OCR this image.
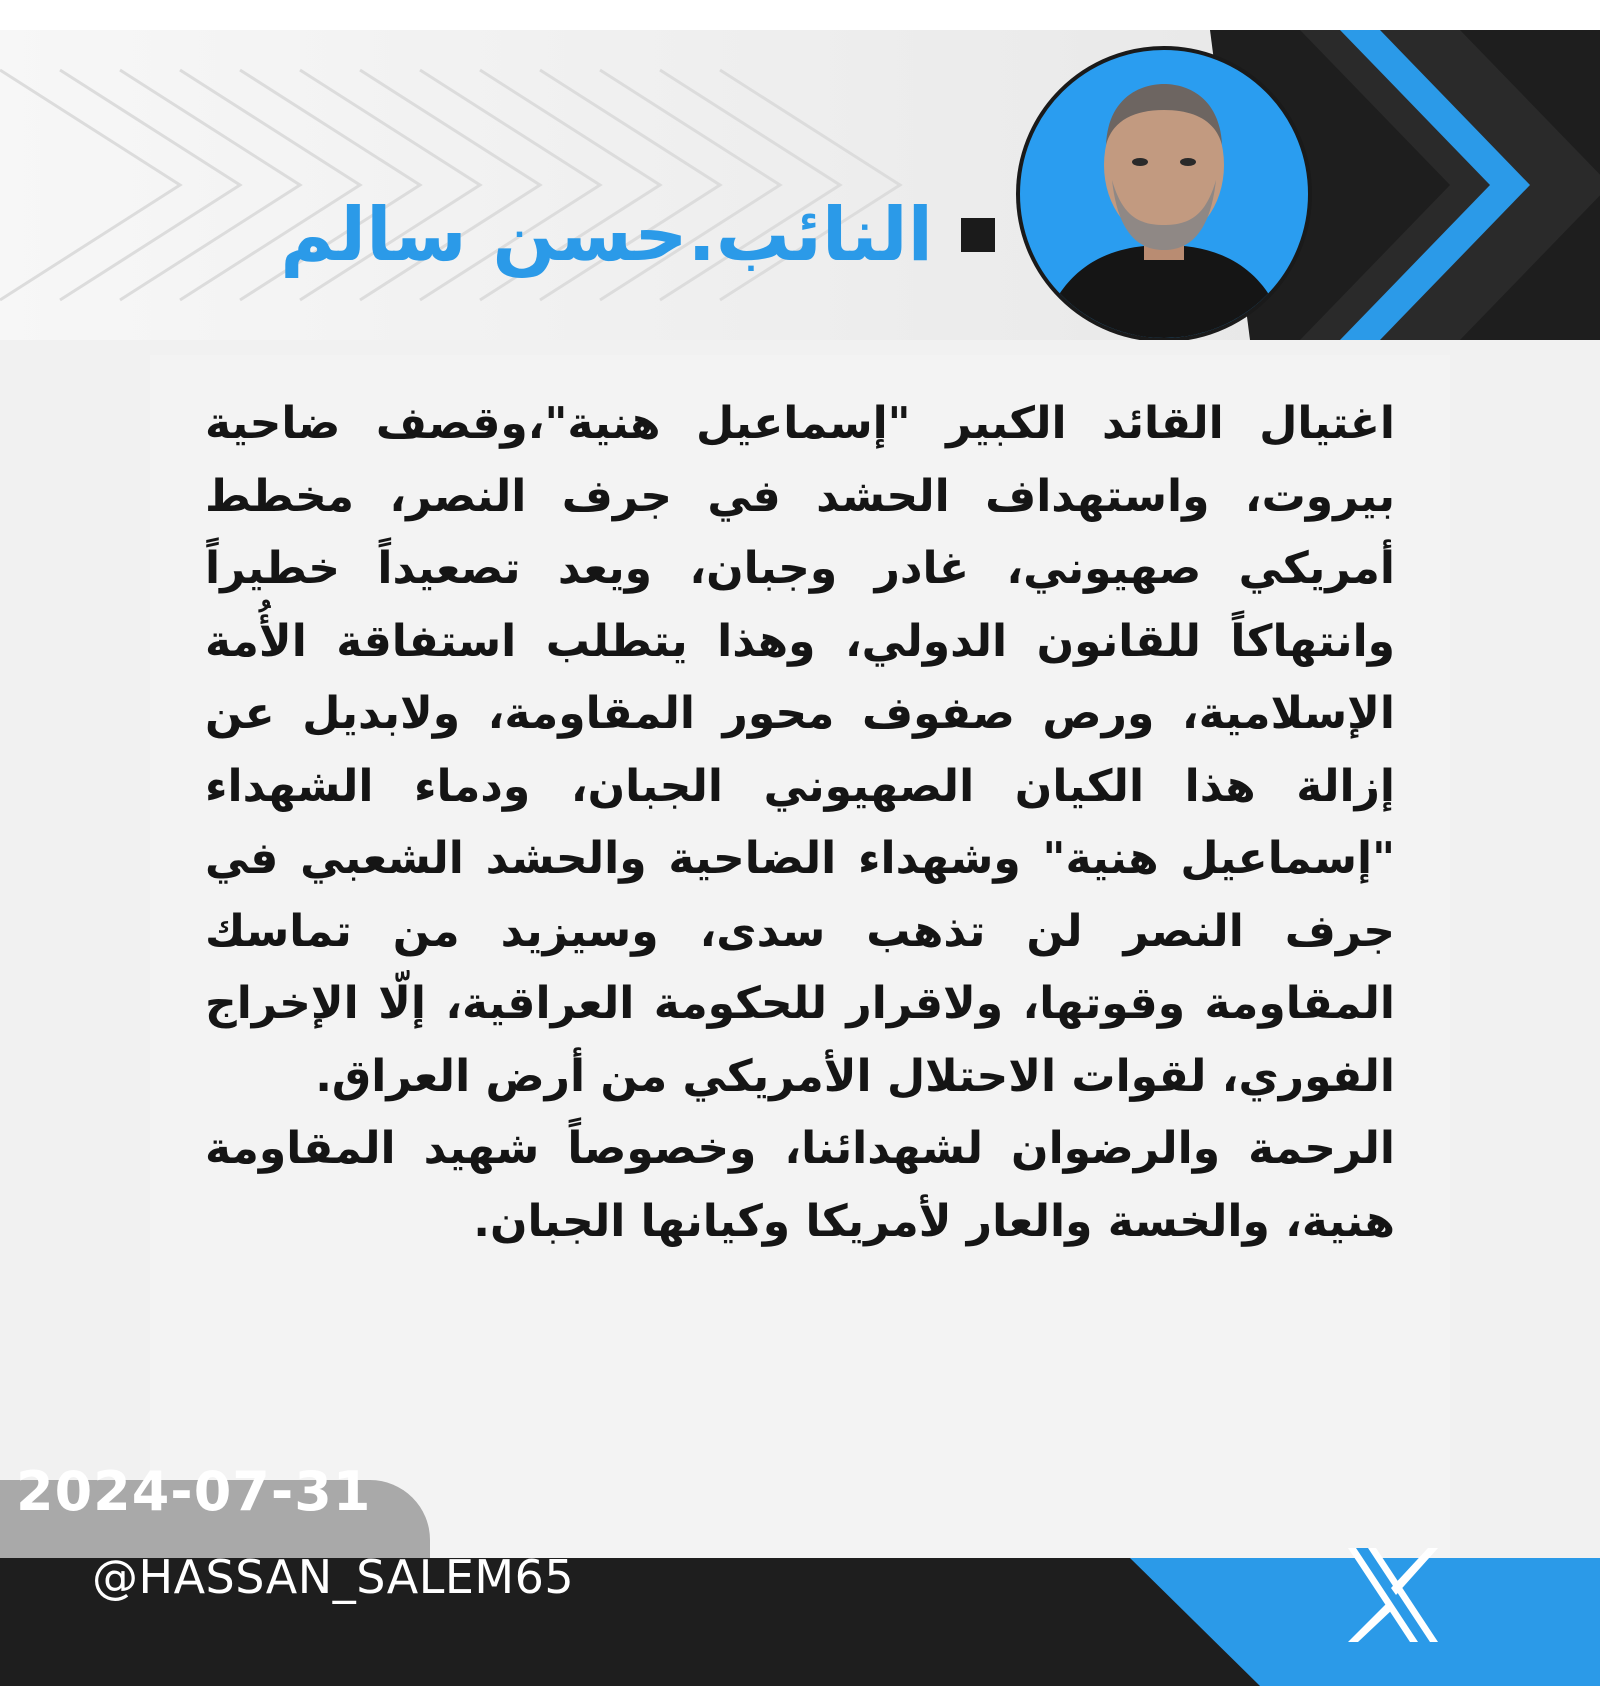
النائب.حسن سالم

اغتيال القائد الكبير "إسماعيل هنية"،وقصف ضاحية بيروت، واستهداف الحشد في جرف النصر، مخطط أمريكي صهيوني، غادر وجبان، ويعد تصعيداً خطيراً وانتهاكاً للقانون الدولي، وهذا يتطلب استفاقة الأُمة الإسلامية، ورص صفوف محور المقاومة، ولابديل عن إزالة هذا الكيان الصهيوني الجبان، ودماء الشهداء "إسماعيل هنية" وشهداء الضاحية والحشد الشعبي في جرف النصر لن تذهب سدى، وسيزيد من تماسك المقاومة وقوتها، ولاقرار للحكومة العراقية، إلّا الإخراج الفوري، لقوات الاحتلال الأمريكي من أرض العراق.

الرحمة والرضوان لشهدائنا، وخصوصاً شهيد المقاومة هنية، والخسة والعار لأمريكا وكيانها الجبان.

2024-07-31
@HASSAN_SALEM65
